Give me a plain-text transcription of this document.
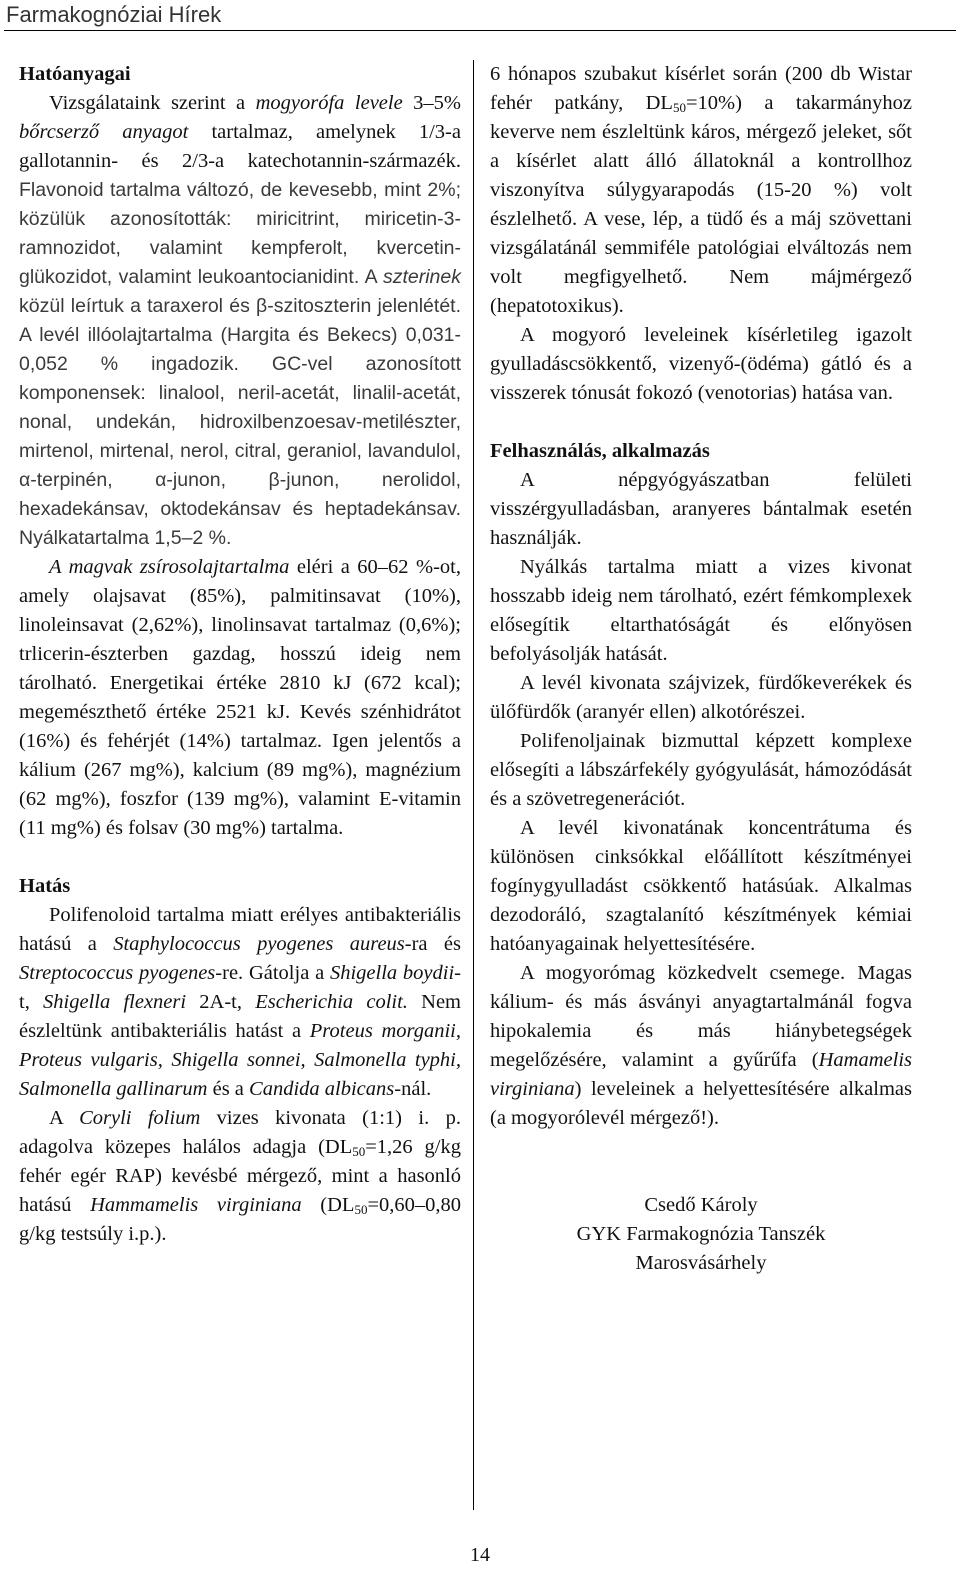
Farmakognóziai Hírek

Hatóanyagai

Vizsgálataink szerint a mogyorófa levele 3–5% bőrcserző anyagot tartalmaz, amelynek 1/3-a gallotannin- és 2/3-a katechotannin-származék. Flavonoid tartalma változó, de kevesebb, mint 2%; közülük azonosították: miricitrint, miricetin-3-ramnozidot, valamint kempferolt, kvercetin-glükozidot, valamint leukoantocianidint. A szterinek közül leírtuk a taraxerol és β-szitoszterin jelenlétét. A levél illóolajtartalma (Hargita és Bekecs) 0,031-0,052 % ingadozik. GC-vel azonosított komponensek: linalool, neril-acetát, linalil-acetát, nonal, undekán, hidroxilbenzoesav-metilészter, mirtenol, mirtenal, nerol, citral, geraniol, lavandulol, α-terpinén, α-junon, β-junon, nerolidol, hexadekánsav, oktodekánsav és heptadekánsav. Nyálkatartalma 1,5–2 %.

A magvak zsírosolajtartalma eléri a 60–62 %-ot, amely olajsavat (85%), palmitinsavat (10%), linoleinsavat (2,62%), linolinsavat tartalmaz (0,6%); trlicerin-észterben gazdag, hosszú ideig nem tárolható. Energetikai értéke 2810 kJ (672 kcal); megemészthető értéke 2521 kJ. Kevés szénhidrátot (16%) és fehérjét (14%) tartalmaz. Igen jelentős a kálium (267 mg%), kalcium (89 mg%), magnézium (62 mg%), foszfor (139 mg%), valamint E-vitamin (11 mg%) és folsav (30 mg%) tartalma.

Hatás

Polifenoloid tartalma miatt erélyes antibakteriális hatású a Staphylococcus pyogenes aureus-ra és Streptococcus pyogenes-re. Gátolja a Shigella boydii-t, Shigella flexneri 2A-t, Escherichia colit. Nem észleltünk antibakteriális hatást a Proteus morganii, Proteus vulgaris, Shigella sonnei, Salmonella typhi, Salmonella gallinarum és a Candida albicans-nál.

A Coryli folium vizes kivonata (1:1) i. p. adagolva közepes halálos adagja ($DL_{50}=1,26$ g/kg fehér egér RAP) kevésbé mérgező, mint a hasonló hatású Hammamelis virginiana ($DL_{50}=0,60-0,80$ g/kg testsúly i.p.).

6 hónapos szubakut kísérlet során (200 db Wistar fehér patkány, $DL_{50}=10\%$) a takarmányhoz keverve nem észleltünk káros, mérgező jeleket, sőt a kísérlet alatt álló állatoknál a kontrollhoz viszonyítva súlygyarapodás (15-20 %) volt észlelhető. A vese, lép, a tüdő és a máj szövettani vizsgálatánál semmiféle patológiai elváltozás nem volt megfigyelhető. Nem májmérgező (hepatotoxikus).

A mogyoró leveleinek kísérletileg igazolt gyulladáscsökkentő, vizenyő-(ödéma) gátló és a visszerek tónusát fokozó (venotorias) hatása van.

Felhasználás, alkalmazás

A népgyógyászatban felületi visszérgyulladásban, aranyeres bántalmak esetén használják.

Nyálkás tartalma miatt a vizes kivonat hosszabb ideig nem tárolható, ezért fémkomplexek elősegítik eltarthatóságát és előnyösen befolyásolják hatását.

A levél kivonata szájvizek, fürdőkeverékek és ülőfürdők (aranyér ellen) alkotórészei.

Polifenoljainak bizmuttal képzett komplexe elősegíti a lábszárfekély gyógyulását, hámozódását és a szövetregenerációt.

A levél kivonatának koncentrátuma és különösen cinksókkal előállított készítményei fogínygyulladást csökkentő hatásúak. Alkalmas dezodoráló, szagtalanító készítmények kémiai hatóanyagainak helyettesítésére.

A mogyorómag közkedvelt csemege. Magas kálium- és más ásványi anyagtartalmánál fogva hipokalemia és más hiánybetegségek megelőzésére, valamint a gyűrűfa (Hamamelis virginiana) leveleinek a helyettesítésére alkalmas (a mogyorólevél mérgező!).

Csedő Károly

GYK Farmakognózia Tanszék

Marosvásárhely

14
